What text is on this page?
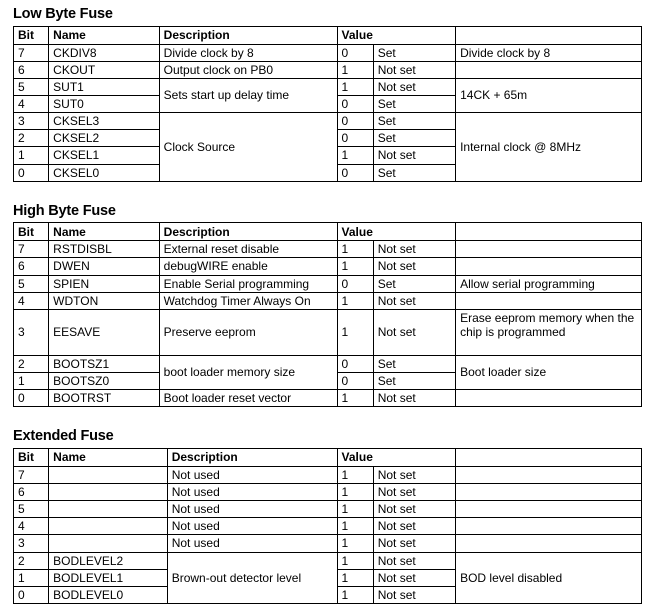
Low Byte Fuse
Bit	Name	Description	Value		
7	CKDIV8	Divide clock by 8	0	Set	Divide clock by 8
6	CKOUT	Output clock on PB0	1	Not set	
5	SUT1	Sets start up delay time	1	Not set	14CK + 65m
4	SUT0		0	Set	
3	CKSEL3	Clock Source	0	Set	Internal clock @ 8MHz
2	CKSEL2		0	Set	
1	CKSEL1		1	Not set	
0	CKSEL0		0	Set	
High Byte Fuse
Bit	Name	Description	Value		
7	RSTDISBL	External reset disable	1	Not set	
6	DWEN	debugWIRE enable	1	Not set	
5	SPIEN	Enable Serial programming	0	Set	Allow serial programming
4	WDTON	Watchdog Timer Always On	1	Not set	
3	EESAVE	Preserve eeprom	1	Not set	Erase eeprom memory when the chip is programmed
2	BOOTSZ1	boot loader memory size	0	Set	Boot loader size
1	BOOTSZ0		0	Set	
0	BOOTRST	Boot loader reset vector	1	Not set	
Extended Fuse
Bit	Name	Description	Value		
7		Not used	1	Not set	
6		Not used	1	Not set	
5		Not used	1	Not set	
4		Not used	1	Not set	
3		Not used	1	Not set	
2	BODLEVEL2	Brown-out detector level	1	Not set	BOD level disabled
1	BODLEVEL1		1	Not set	
0	BODLEVEL0		1	Not set	
